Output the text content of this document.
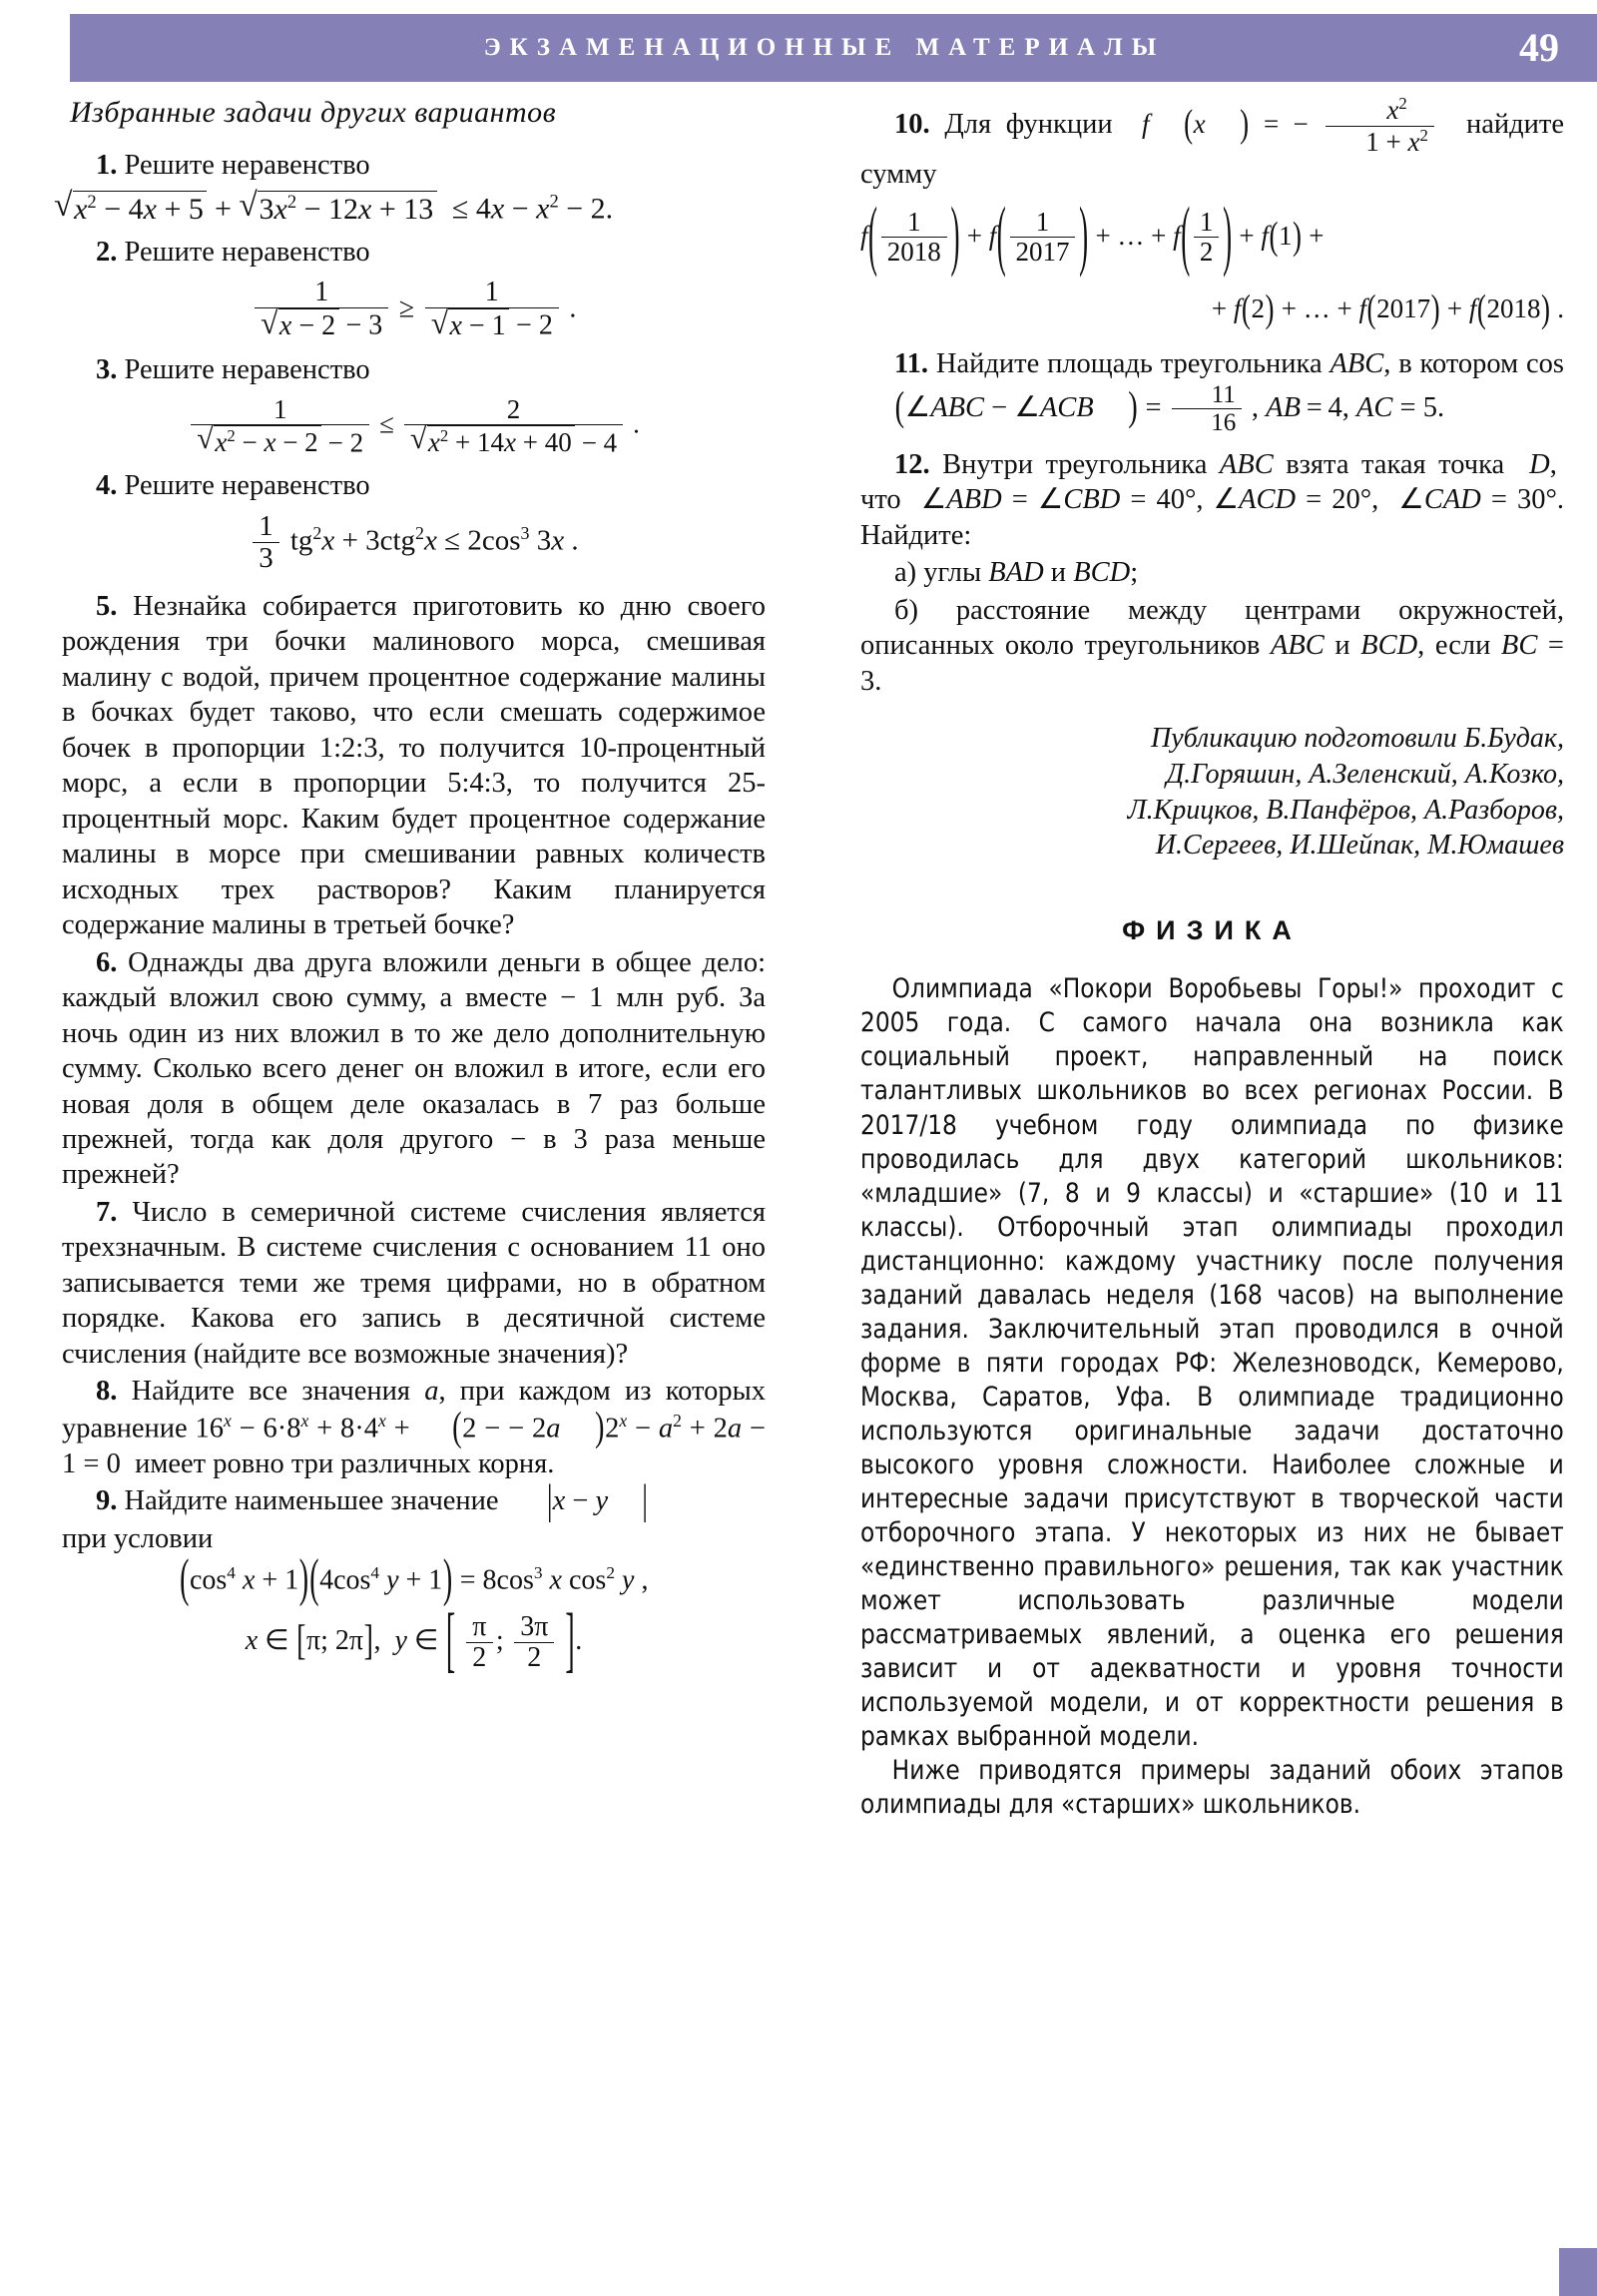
ЭКЗАМЕНАЦИОННЫЕ МАТЕРИАЛЫ	49
Избранные задачи других вариантов

1. Решите неравенство

√ $x^2 - 4x + 5$ + √ $3x^2 - 12x + 13 \le 4x - x^2 - 2$.

2. Решите неравенство

1
√ x − 2 − 3 ≥ 1
√ x − 1 − 2 .

3. Решите неравенство

1
√ $x^2 - x - 2 - 2 \le 2$
√ $x^2 + 14x + 40 - 4$ .

4. Решите неравенство

$\frac{1}{3} tg^2x + 3ctg^2x \le 2\cos^3$ 3x .

5. Незнайка собирается приготовить ко дню своего рождения три бочки малинового морса, смешивая малину с водой, причем процентное содержание малины в бочках будет таково, что если смешать содержимое бочек в пропорции 1:2:3, то получится 10-процентный морс, а если в пропорции 5:4:3, то получится 25-процентный морс. Каким будет процентное содержание малины в морсе при смешивании равных количеств исходных трех растворов? Каким планируется содержание малины в третьей бочке?

6. Однажды два друга вложили деньги в общее дело: каждый вложил свою сумму, а вместе − 1 млн руб. За ночь один из них вложил в то же дело дополнительную сумму. Сколько всего денег он вложил в итоге, если его новая доля в общем деле оказалась в 7 раз больше прежней, тогда как доля другого − в 3 раза меньше прежней?

7. Число в семеричной системе счисления является трехзначным. В системе счисления с основанием 11 оно записывается теми же тремя цифрами, но в обратном порядке. Какова его запись в десятичной системе счисления (найдите все возможные значения)?

8. Найдите все значения a, при каждом из которых уравнение $16^x - 6\cdot 8^x + 8\cdot 4^x + (2$ − − 2a )$2^x - a^2 + 2a - 1 = 0$  имеет ровно три различных корня.

9. Найдите наименьшее значение  |x − y |

при условии

($\cos^4$ $x + 1)(4\cos^4$ $y + 1) = 8\cos^3$ x $\cos^2 y$ ,
x ∈ [π; 2π],  y ∈ [ $\frac{\pi}{2}$ ; $\frac{3\pi}{2}$ ].

10. Для функции f (x ) = − $\frac{x^2}{1 + x^2}$ найдите сумму

$f( \frac{1}{2018}$ ) + $f( \frac{1}{2017}$ ) + … + $f( \frac{1}{2}$ ) + f(1) +
+ f(2) + … + f(2017) + f(2018) .

11. Найдите площадь треугольника ABC, в котором cos(∠ABC − ∠ACB ) = $\frac{11}{16}$ , AB = 4, AC = 5.

12. Внутри треугольника ABC взята такая точка  D,  что  ∠ABD = ∠CBD = 40°, ∠ACD = 20°,  ∠CAD = 30°. Найдите:

а) углы BAD и BCD;

б) расстояние между центрами окружностей, описанных около треугольников ABC и BCD, если BC = 3.

Публикацию подготовили Б.Будак,
Д.Горяшин, А.Зеленский, А.Козко,
Л.Крицков, В.Панфёров, А.Разборов,
И.Сергеев, И.Шейпак, М.Юмашев
ФИЗИКА

Олимпиада «Покори Воробьевы Горы!» проходит с 2005 года. С самого начала она возникла как социальный проект, направленный на поиск талантливых школьников во всех регионах России. В 2017/18 учебном году олимпиада по физике проводилась для двух категорий школьников: «младшие» (7, 8 и 9 классы) и «старшие» (10 и 11 классы). Отборочный этап олимпиады проходил дистанционно: каждому участнику после получения заданий давалась неделя (168 часов) на выполнение задания. Заключительный этап проводился в очной форме в пяти городах РФ: Железноводск, Кемерово, Москва, Саратов, Уфа. В олимпиаде традиционно используются оригинальные задачи достаточно высокого уровня сложности. Наиболее сложные и интересные задачи присутствуют в творческой части отборочного этапа. У некоторых из них не бывает «единственно правильного» решения, так как участник может использовать различные модели рассматриваемых явлений, а оценка его решения зависит и от адекватности и уровня точности используемой модели, и от корректности решения в рамках выбранной модели.

Ниже приводятся примеры заданий обоих этапов олимпиады для «старших» школьников.
